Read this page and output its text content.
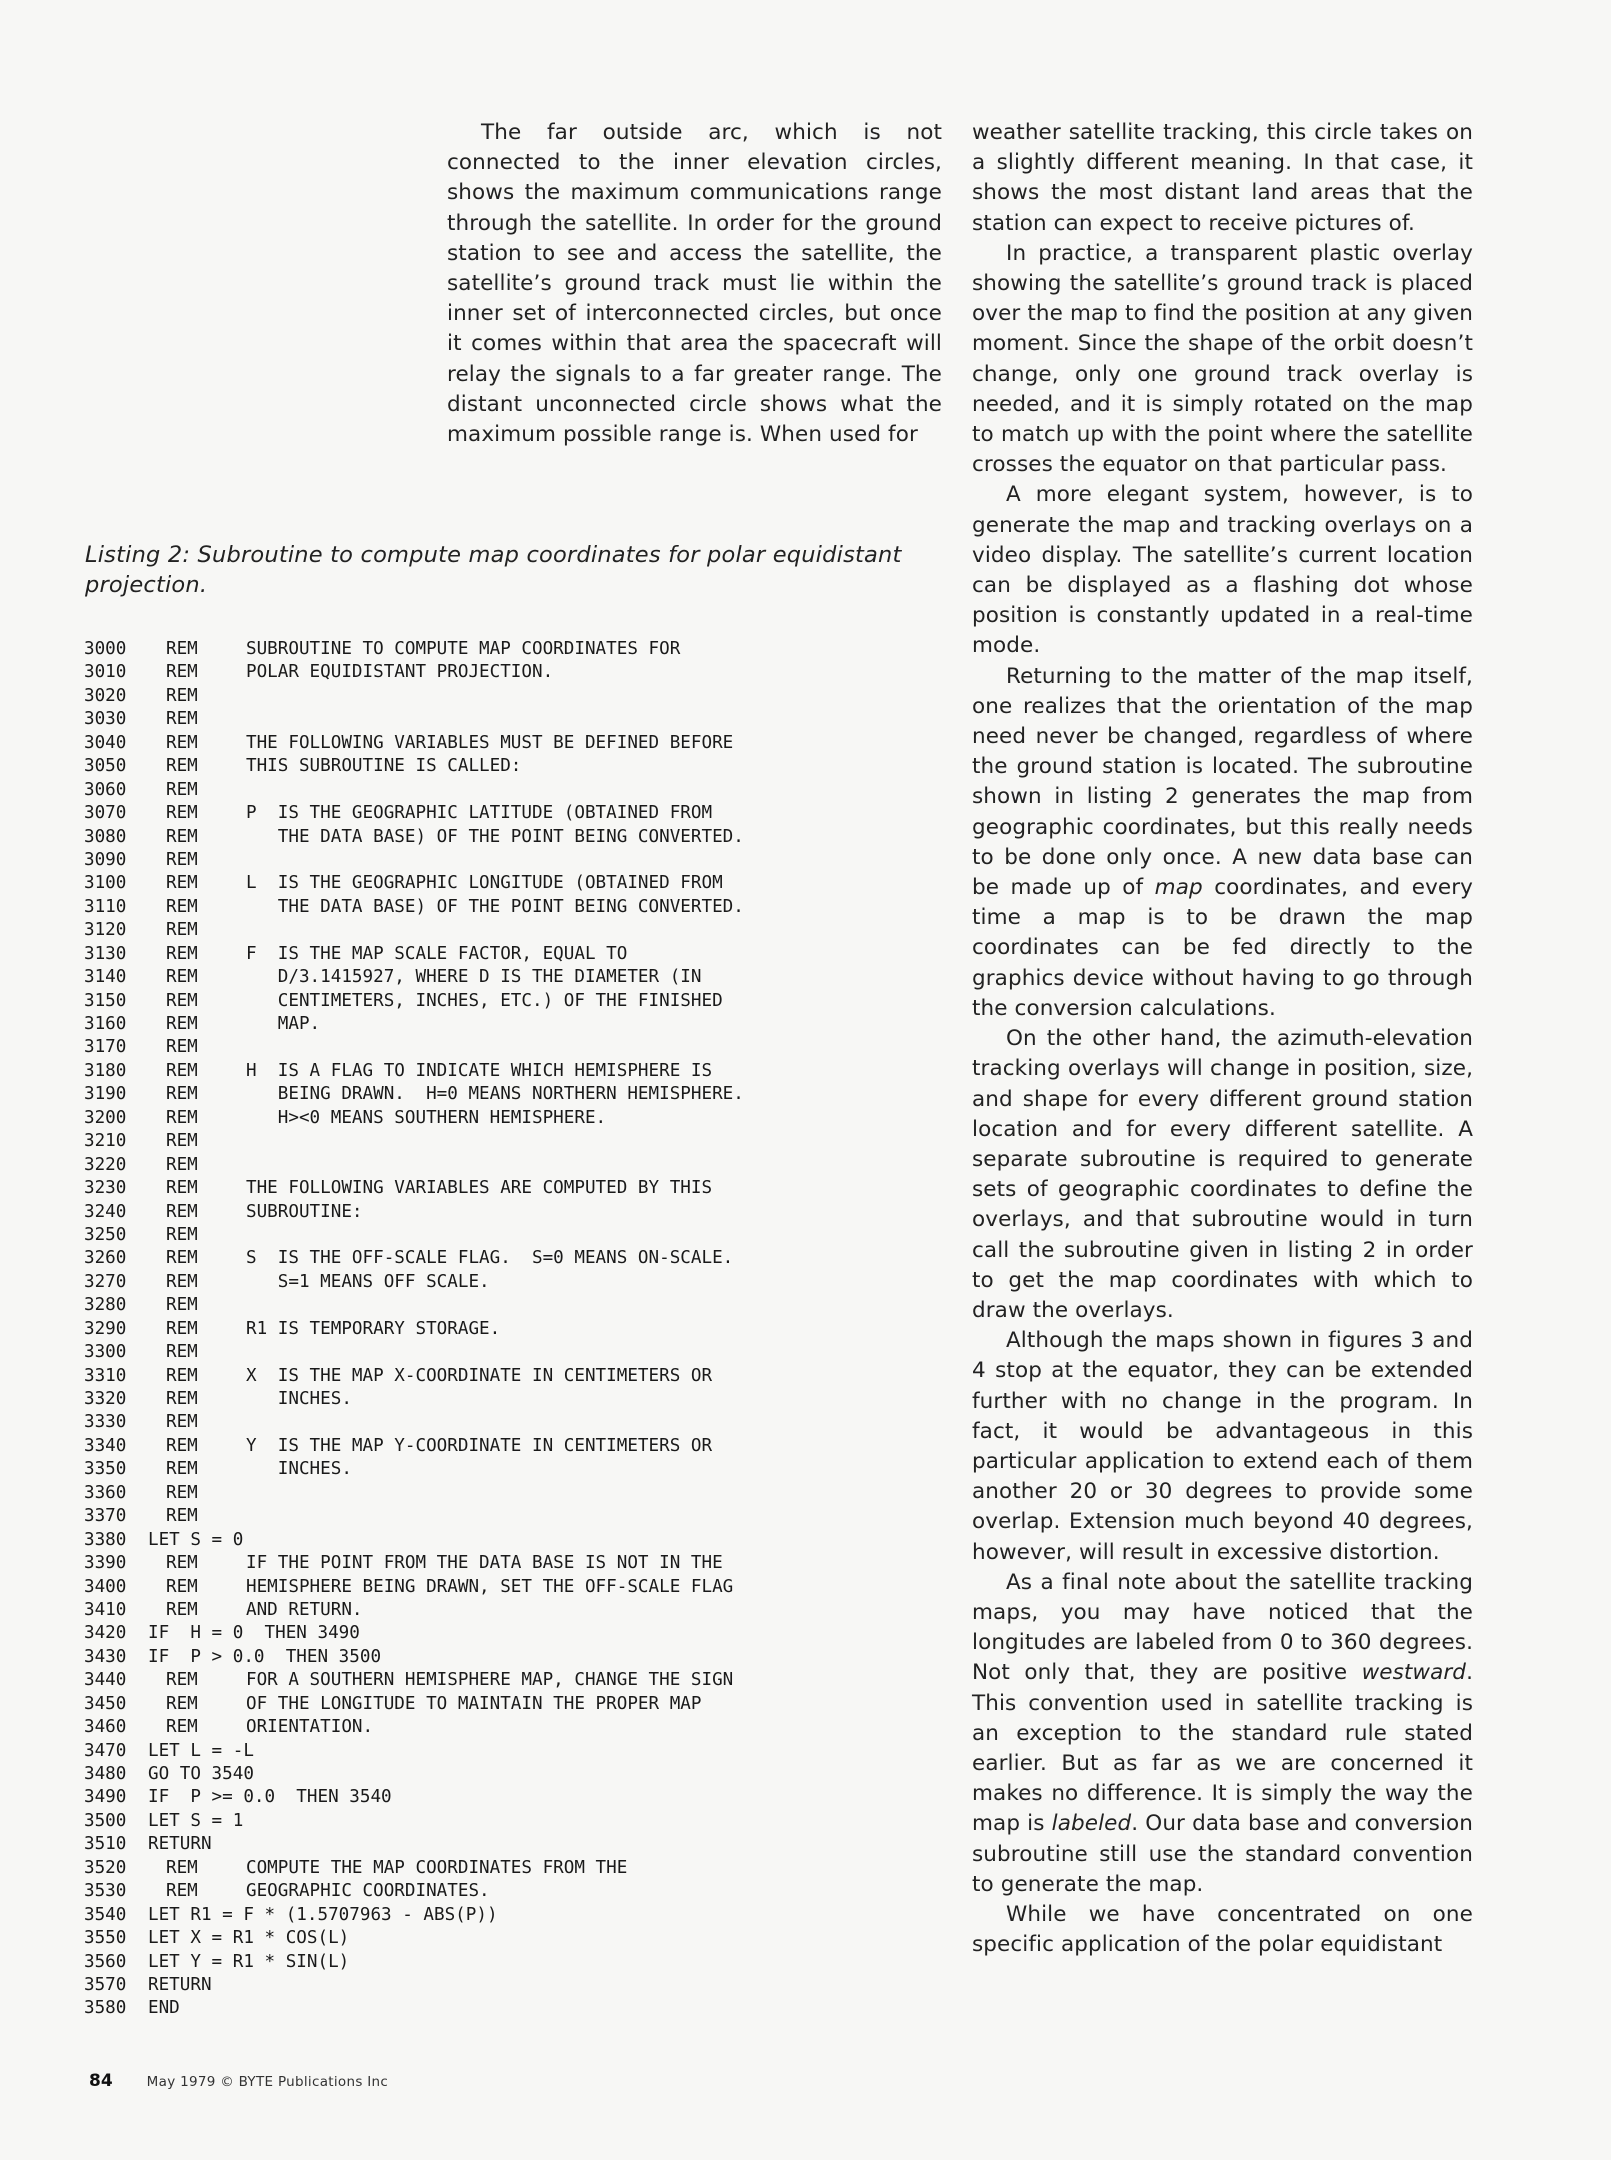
The far outside arc, which is not connected to the inner elevation circles, shows the maximum communications range through the satellite. In order for the ground station to see and access the satellite, the satellite’s ground track must lie within the inner set of interconnected circles, but once it comes within that area the spacecraft will relay the signals to a far greater range. The distant unconnected circle shows what the maximum possible range is. When used for

Listing 2: Subroutine to compute map coordinates for polar equidistant projection.
3000	REM	SUBROUTINE TO COMPUTE MAP COORDINATES FOR
3010	REM	POLAR EQUIDISTANT PROJECTION.
3020	REM
3030	REM
3040	REM	THE FOLLOWING VARIABLES MUST BE DEFINED BEFORE
3050	REM	THIS SUBROUTINE IS CALLED:
3060	REM
3070	REM	P  IS THE GEOGRAPHIC LATITUDE (OBTAINED FROM
3080	REM	THE DATA BASE) OF THE POINT BEING CONVERTED.
3090	REM
3100	REM	L  IS THE GEOGRAPHIC LONGITUDE (OBTAINED FROM
3110	REM	THE DATA BASE) OF THE POINT BEING CONVERTED.
3120	REM
3130	REM	F  IS THE MAP SCALE FACTOR, EQUAL TO
3140	REM	D/3.1415927, WHERE D IS THE DIAMETER (IN
3150	REM	CENTIMETERS, INCHES, ETC.) OF THE FINISHED
3160	REM	MAP.
3170	REM
3180	REM	H  IS A FLAG TO INDICATE WHICH HEMISPHERE IS
3190	REM	BEING DRAWN.  H=0 MEANS NORTHERN HEMISPHERE.
3200	REM	H><0 MEANS SOUTHERN HEMISPHERE.
3210	REM
3220	REM
3230	REM	THE FOLLOWING VARIABLES ARE COMPUTED BY THIS
3240	REM	SUBROUTINE:
3250	REM
3260	REM	S  IS THE OFF-SCALE FLAG.  S=0 MEANS ON-SCALE.
3270	REM	S=1 MEANS OFF SCALE.
3280	REM
3290	REM	R1 IS TEMPORARY STORAGE.
3300	REM
3310	REM	X  IS THE MAP X-COORDINATE IN CENTIMETERS OR
3320	REM	INCHES.
3330	REM
3340	REM	Y  IS THE MAP Y-COORDINATE IN CENTIMETERS OR
3350	REM	INCHES.
3360	REM
3370	REM
3380	LET S = 0
3390	REM	IF THE POINT FROM THE DATA BASE IS NOT IN THE
3400	REM	HEMISPHERE BEING DRAWN, SET THE OFF-SCALE FLAG
3410	REM	AND RETURN.
3420	IF  H = 0  THEN 3490
3430	IF  P > 0.0  THEN 3500
3440	REM	FOR A SOUTHERN HEMISPHERE MAP, CHANGE THE SIGN
3450	REM	OF THE LONGITUDE TO MAINTAIN THE PROPER MAP
3460	REM	ORIENTATION.
3470	LET L = -L
3480	GO TO 3540
3490	IF  P >= 0.0  THEN 3540
3500	LET S = 1
3510	RETURN
3520	REM	COMPUTE THE MAP COORDINATES FROM THE
3530	REM	GEOGRAPHIC COORDINATES.
3540	LET R1 = F * (1.5707963 - ABS(P))
3550	LET X = R1 * COS(L)
3560	LET Y = R1 * SIN(L)
3570	RETURN
3580	END

weather satellite tracking, this circle takes on a slightly different meaning. In that case, it shows the most distant land areas that the station can expect to receive pictures of.

In practice, a transparent plastic overlay showing the satellite’s ground track is placed over the map to find the position at any given moment. Since the shape of the orbit doesn’t change, only one ground track overlay is needed, and it is simply rotated on the map to match up with the point where the satellite crosses the equator on that particular pass.

A more elegant system, however, is to generate the map and tracking overlays on a video display. The satellite’s current location can be displayed as a flashing dot whose position is constantly updated in a real-time mode.

Returning to the matter of the map itself, one realizes that the orientation of the map need never be changed, regardless of where the ground station is located. The subroutine shown in listing 2 generates the map from geographic coordinates, but this really needs to be done only once. A new data base can be made up of map coordinates, and every time a map is to be drawn the map coordinates can be fed directly to the graphics device without having to go through the conversion calculations.

On the other hand, the azimuth-elevation tracking overlays will change in position, size, and shape for every different ground station location and for every different satellite. A separate subroutine is required to generate sets of geographic coordinates to define the overlays, and that subroutine would in turn call the subroutine given in listing 2 in order to get the map coordinates with which to draw the overlays.

Although the maps shown in figures 3 and 4 stop at the equator, they can be extended further with no change in the program. In fact, it would be advantageous in this particular application to extend each of them another 20 or 30 degrees to provide some overlap. Extension much beyond 40 degrees, however, will result in excessive distortion.

As a final note about the satellite tracking maps, you may have noticed that the longitudes are labeled from 0 to 360 degrees. Not only that, they are positive westward. This convention used in satellite tracking is an exception to the standard rule stated earlier. But as far as we are concerned it makes no difference. It is simply the way the map is labeled. Our data base and conversion subroutine still use the standard convention to generate the map.

While we have concentrated on one specific application of the polar equidistant

84	May 1979 © BYTE Publications Inc
